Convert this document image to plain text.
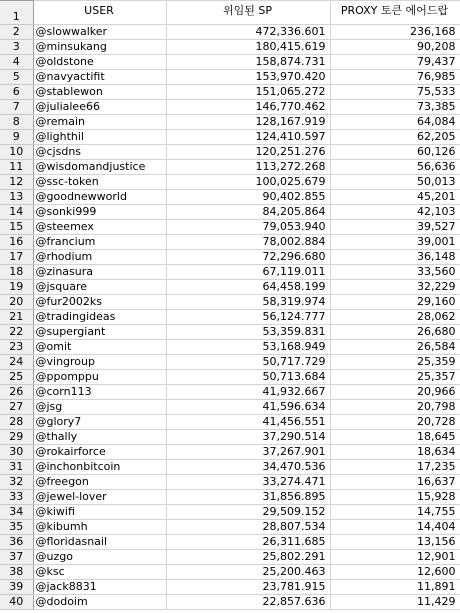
1	USER	위임된 SP	PROXY 토큰 에어드랍
2	@slowwalker	472,336.601	236,168
3	@minsukang	180,415.619	90,208
4	@oldstone	158,874.731	79,437
5	@navyactifit	153,970.420	76,985
6	@stablewon	151,065.272	75,533
7	@julialee66	146,770.462	73,385
8	@remain	128,167.919	64,084
9	@lighthil	124,410.597	62,205
10	@cjsdns	120,251.276	60,126
11	@wisdomandjustice	113,272.268	56,636
12	@ssc-token	100,025.679	50,013
13	@goodnewworld	90,402.855	45,201
14	@sonki999	84,205.864	42,103
15	@steemex	79,053.940	39,527
16	@francium	78,002.884	39,001
17	@rhodium	72,296.680	36,148
18	@zinasura	67,119.011	33,560
19	@jsquare	64,458.199	32,229
20	@fur2002ks	58,319.974	29,160
21	@tradingideas	56,124.777	28,062
22	@supergiant	53,359.831	26,680
23	@omit	53,168.949	26,584
24	@vingroup	50,717.729	25,359
25	@ppomppu	50,713.684	25,357
26	@corn113	41,932.667	20,966
27	@jsg	41,596.634	20,798
28	@glory7	41,456.551	20,728
29	@thally	37,290.514	18,645
30	@rokairforce	37,267.901	18,634
31	@inchonbitcoin	34,470.536	17,235
32	@freegon	33,274.471	16,637
33	@jewel-lover	31,856.895	15,928
34	@kiwifi	29,509.152	14,755
35	@kibumh	28,807.534	14,404
36	@floridasnail	26,311.685	13,156
37	@uzgo	25,802.291	12,901
38	@ksc	25,200.463	12,600
39	@jack8831	23,781.915	11,891
40	@dodoim	22,857.636	11,429
